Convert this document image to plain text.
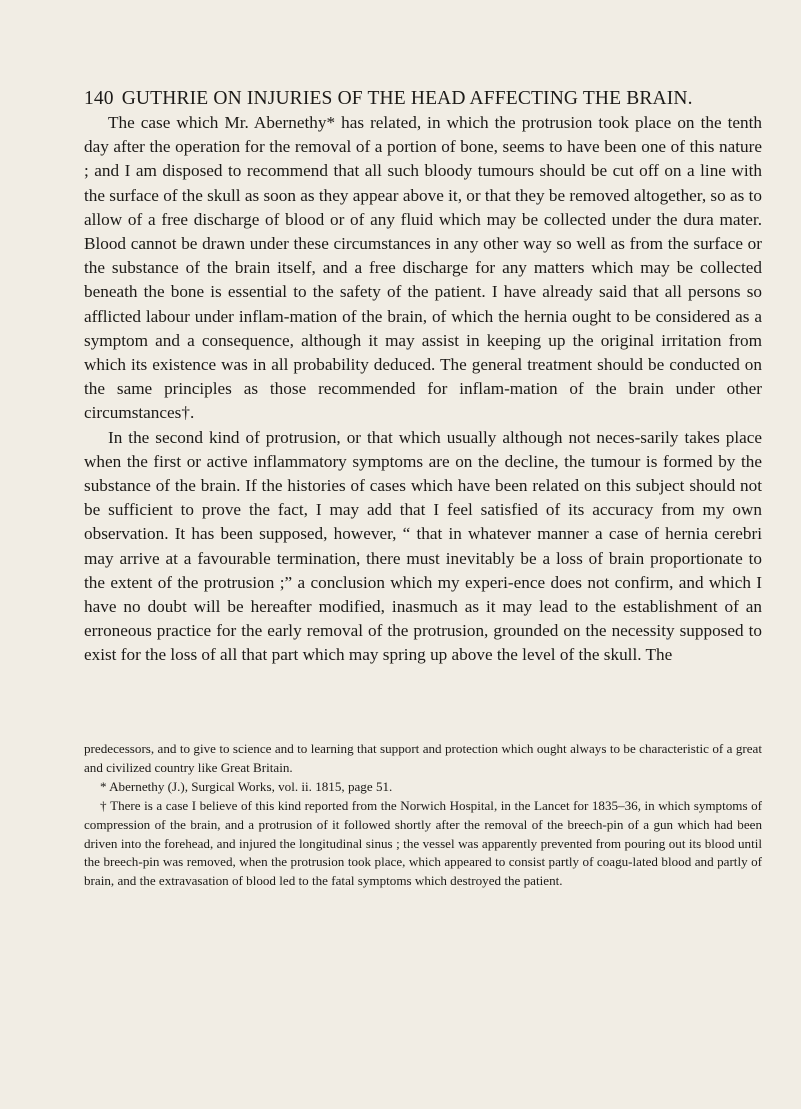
140 GUTHRIE ON INJURIES OF THE HEAD AFFECTING THE BRAIN.

The case which Mr. Abernethy* has related, in which the protrusion took place on the tenth day after the operation for the removal of a portion of bone, seems to have been one of this nature ; and I am disposed to recommend that all such bloody tumours should be cut off on a line with the surface of the skull as soon as they appear above it, or that they be removed altogether, so as to allow of a free discharge of blood or of any fluid which may be collected under the dura mater. Blood cannot be drawn under these circumstances in any other way so well as from the surface or the substance of the brain itself, and a free discharge for any matters which may be collected beneath the bone is essential to the safety of the patient. I have already said that all persons so afflicted labour under inflam-mation of the brain, of which the hernia ought to be considered as a symptom and a consequence, although it may assist in keeping up the original irritation from which its existence was in all probability deduced. The general treatment should be conducted on the same principles as those recommended for inflam-mation of the brain under other circumstances†.

In the second kind of protrusion, or that which usually although not neces-sarily takes place when the first or active inflammatory symptoms are on the decline, the tumour is formed by the substance of the brain. If the histories of cases which have been related on this subject should not be sufficient to prove the fact, I may add that I feel satisfied of its accuracy from my own observation. It has been supposed, however, “ that in whatever manner a case of hernia cerebri may arrive at a favourable termination, there must inevitably be a loss of brain proportionate to the extent of the protrusion ;” a conclusion which my experi-ence does not confirm, and which I have no doubt will be hereafter modified, inasmuch as it may lead to the establishment of an erroneous practice for the early removal of the protrusion, grounded on the necessity supposed to exist for the loss of all that part which may spring up above the level of the skull. The

predecessors, and to give to science and to learning that support and protection which ought always to be characteristic of a great and civilized country like Great Britain.

* Abernethy (J.), Surgical Works, vol. ii. 1815, page 51.

† There is a case I believe of this kind reported from the Norwich Hospital, in the Lancet for 1835–36, in which symptoms of compression of the brain, and a protrusion of it followed shortly after the removal of the breech-pin of a gun which had been driven into the forehead, and injured the longitudinal sinus ; the vessel was apparently prevented from pouring out its blood until the breech-pin was removed, when the protrusion took place, which appeared to consist partly of coagu-lated blood and partly of brain, and the extravasation of blood led to the fatal symptoms which destroyed the patient.
